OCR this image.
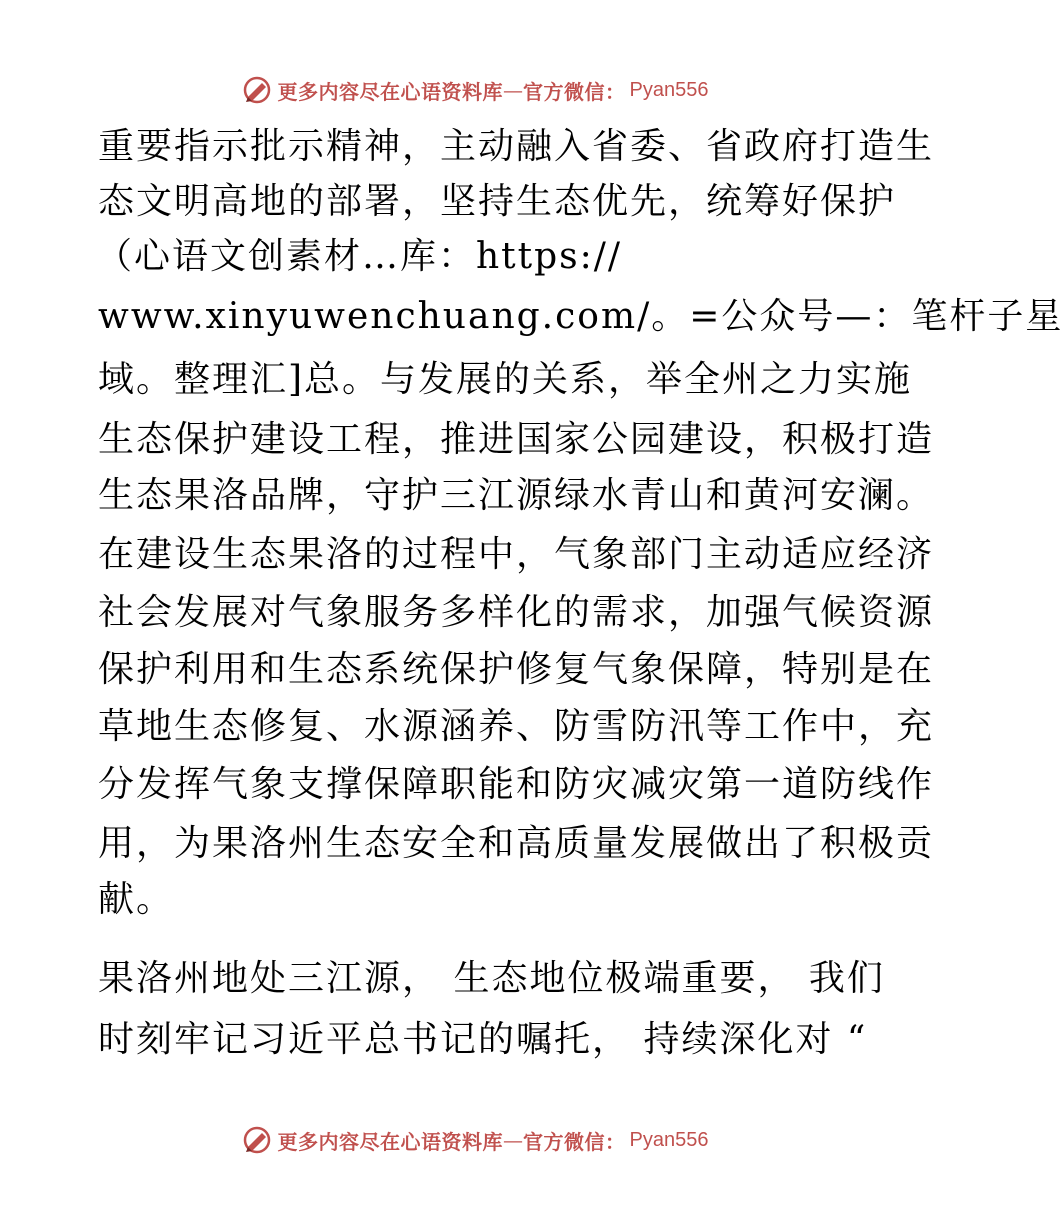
更多内容尽在心语资料库 — 官方微信： Pyan556
重要指示批示精神，主动融入省委、省政府打造生
态文明高地的部署，坚持生态优先，统筹好保护
（心语文创素材…库：https://
www.xinyuwenchuang.com/。=公众号—：笔杆子星
域。整理汇]总。与发展的关系，举全州之力实施
生态保护建设工程，推进国家公园建设，积极打造
生态果洛品牌，守护三江源绿水青山和黄河安澜。
在建设生态果洛的过程中，气象部门主动适应经济
社会发展对气象服务多样化的需求，加强气候资源
保护利用和生态系统保护修复气象保障，特别是在
草地生态修复、水源涵养、防雪防汛等工作中，充
分发挥气象支撑保障职能和防灾减灾第一道防线作
用，为果洛州生态安全和高质量发展做出了积极贡
献。
果洛州地处三江源， 生态地位极端重要， 我们
时刻牢记习近平总书记的嘱托， 持续深化对 “
更多内容尽在心语资料库 — 官方微信： Pyan556
